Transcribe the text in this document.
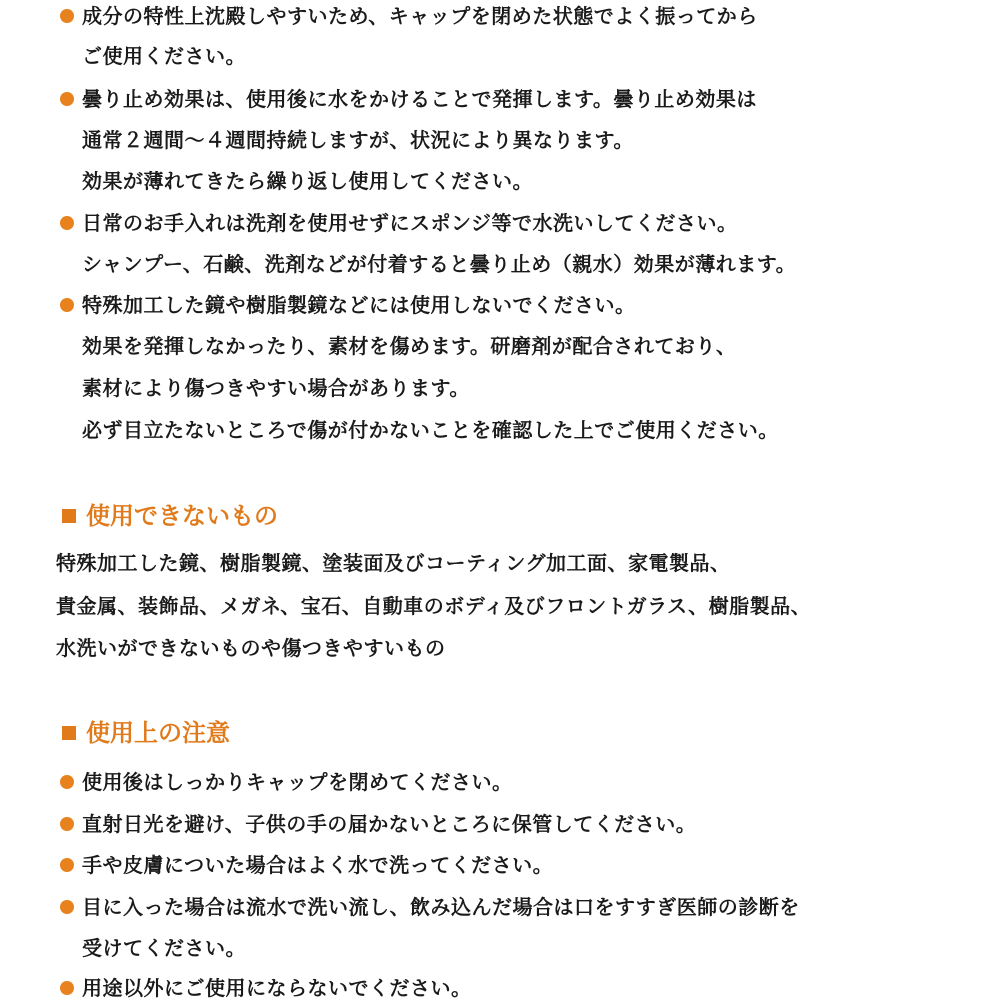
成分の特性上沈殿しやすいため、キャップを閉めた状態でよく振ってから
ご使用ください。
曇り止め効果は、使用後に水をかけることで発揮します。曇り止め効果は
通常２週間〜４週間持続しますが、状況により異なります。
効果が薄れてきたら繰り返し使用してください。
日常のお手入れは洗剤を使用せずにスポンジ等で水洗いしてください。
シャンプー、石鹸、洗剤などが付着すると曇り止め（親水）効果が薄れます。
特殊加工した鏡や樹脂製鏡などには使用しないでください。
効果を発揮しなかったり、素材を傷めます。研磨剤が配合されており、
素材により傷つきやすい場合があります。
必ず目立たないところで傷が付かないことを確認した上でご使用ください。
使用できないもの
特殊加工した鏡、樹脂製鏡、塗装面及びコーティング加工面、家電製品、
貴金属、装飾品、メガネ、宝石、自動車のボディ及びフロントガラス、樹脂製品、
水洗いができないものや傷つきやすいもの
使用上の注意
使用後はしっかりキャップを閉めてください。
直射日光を避け、子供の手の届かないところに保管してください。
手や皮膚についた場合はよく水で洗ってください。
目に入った場合は流水で洗い流し、飲み込んだ場合は口をすすぎ医師の診断を
受けてください。
用途以外にご使用にならないでください。
